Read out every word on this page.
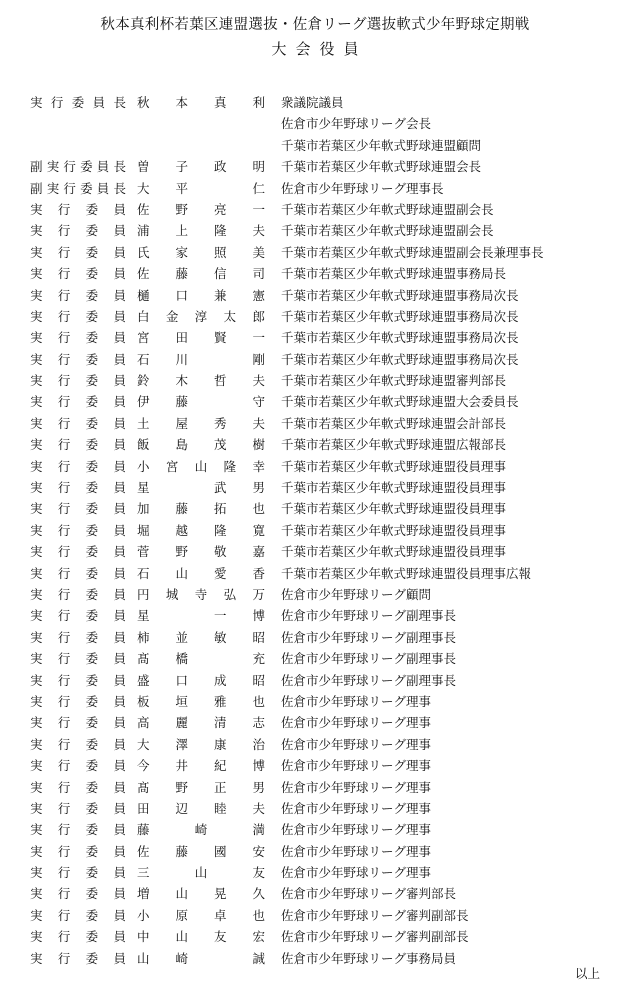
秋本真利杯若葉区連盟選抜・佐倉リーグ選抜軟式少年野球定期戦
大会役員
実行委員長 秋本真利 衆議院議員
佐倉市少年野球リーグ会長
千葉市若葉区少年軟式野球連盟顧問
副実行委員長 曽子政明 千葉市若葉区少年軟式野球連盟会長
副実行委員長 大平　仁 佐倉市少年野球リーグ理事長
実行委員 佐野亮一 千葉市若葉区少年軟式野球連盟副会長
実行委員 浦上隆夫 千葉市若葉区少年軟式野球連盟副会長
実行委員 氏家照美 千葉市若葉区少年軟式野球連盟副会長兼理事長
実行委員 佐藤信司 千葉市若葉区少年軟式野球連盟事務局長
実行委員 樋口兼憲 千葉市若葉区少年軟式野球連盟事務局次長
実行委員 白金淳太郎 千葉市若葉区少年軟式野球連盟事務局次長
実行委員 宮田賢一 千葉市若葉区少年軟式野球連盟事務局次長
実行委員 石川　剛 千葉市若葉区少年軟式野球連盟事務局次長
実行委員 鈴木哲夫 千葉市若葉区少年軟式野球連盟審判部長
実行委員 伊藤　守 千葉市若葉区少年軟式野球連盟大会委員長
実行委員 土屋秀夫 千葉市若葉区少年軟式野球連盟会計部長
実行委員 飯島茂樹 千葉市若葉区少年軟式野球連盟広報部長
実行委員 小宮山隆幸 千葉市若葉区少年軟式野球連盟役員理事
実行委員 星　武男 千葉市若葉区少年軟式野球連盟役員理事
実行委員 加藤拓也 千葉市若葉区少年軟式野球連盟役員理事
実行委員 堀越隆寛 千葉市若葉区少年軟式野球連盟役員理事
実行委員 菅野敬嘉 千葉市若葉区少年軟式野球連盟役員理事
実行委員 石山愛香 千葉市若葉区少年軟式野球連盟役員理事広報
実行委員 円城寺弘万 佐倉市少年野球リーグ顧問
実行委員 星　一博 佐倉市少年野球リーグ副理事長
実行委員 柿並敏昭 佐倉市少年野球リーグ副理事長
実行委員 髙橋　充 佐倉市少年野球リーグ副理事長
実行委員 盛口成昭 佐倉市少年野球リーグ副理事長
実行委員 板垣雅也 佐倉市少年野球リーグ理事
実行委員 高麗清志 佐倉市少年野球リーグ理事
実行委員 大澤康治 佐倉市少年野球リーグ理事
実行委員 今井紀博 佐倉市少年野球リーグ理事
実行委員 髙野正男 佐倉市少年野球リーグ理事
実行委員 田辺睦夫 佐倉市少年野球リーグ理事
実行委員 藤　崎　満 佐倉市少年野球リーグ理事
実行委員 佐藤國安 佐倉市少年野球リーグ理事
実行委員 三　山　友 佐倉市少年野球リーグ理事
実行委員 増山晃久 佐倉市少年野球リーグ審判部長
実行委員 小原卓也 佐倉市少年野球リーグ審判副部長
実行委員 中山友宏 佐倉市少年野球リーグ審判副部長
実行委員 山崎　誠 佐倉市少年野球リーグ事務局員
以上
